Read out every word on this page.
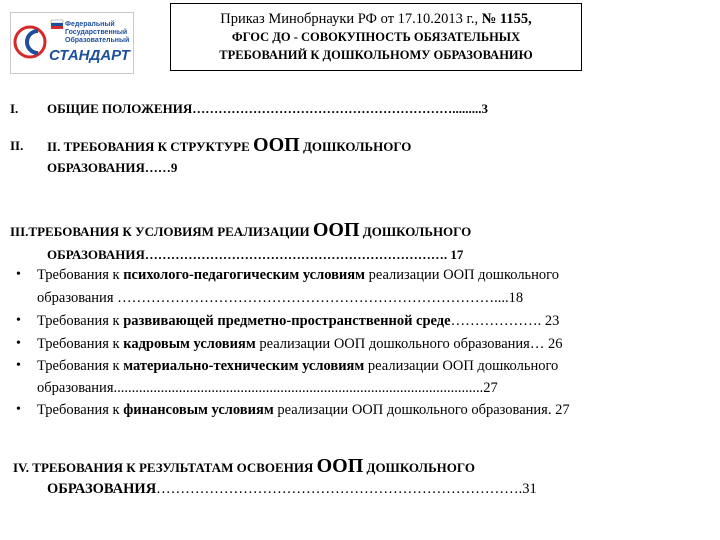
Федеральный
Государственный
Образовательный
СТАНДАРТ
Приказ Минобрнауки РФ от 17.10.2013 г., № 1155,
ФГОС ДО - СОВОКУПНОСТЬ ОБЯЗАТЕЛЬНЫХ
ТРЕБОВАНИЙ К ДОШКОЛЬНОМУ ОБРАЗОВАНИЮ
I. ОБЩИЕ ПОЛОЖЕНИЯ…………………………………………………….........3
II. II. ТРЕБОВАНИЯ К СТРУКТУРЕ ООП ДОШКОЛЬНОГО
ОБРАЗОВАНИЯ……9
III.ТРЕБОВАНИЯ К УСЛОВИЯМ РЕАЛИЗАЦИИ ООП ДОШКОЛЬНОГО
ОБРАЗОВАНИЯ……………………………………………………………. 17
• Требования к психолого-педагогическим условиям реализации ООП дошкольного
образования ……………………………………………………………………....18
• Требования к развивающей предметно-пространственной среде………………. 23
• Требования к кадровым условиям реализации ООП дошкольного образования… 26
• Требования к материально-техническим условиям реализации ООП дошкольного
образования......................................................................................................27
• Требования к финансовым условиям реализации ООП дошкольного образования. 27
IV. ТРЕБОВАНИЯ К РЕЗУЛЬТАТАМ ОСВОЕНИЯ ООП ДОШКОЛЬНОГО
ОБРАЗОВАНИЯ………………………………………………………………….31
